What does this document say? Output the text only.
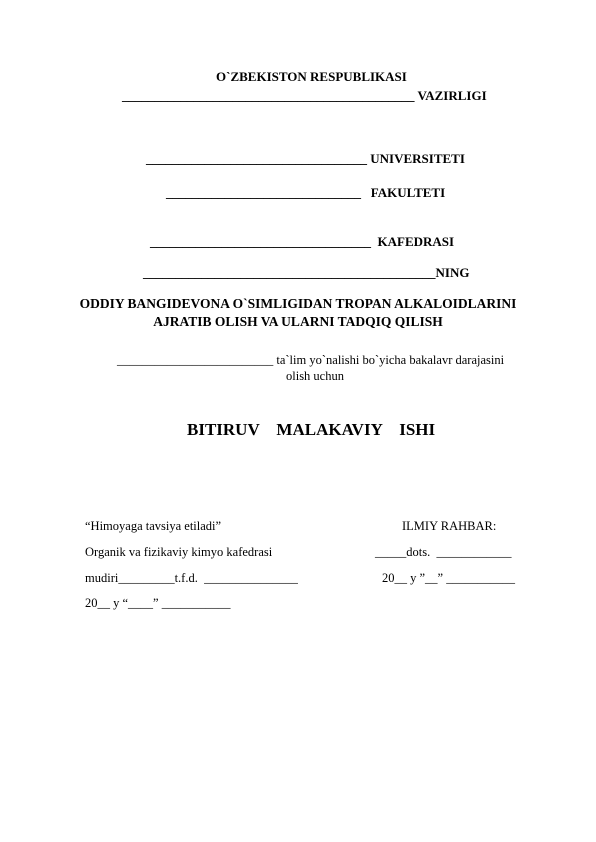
O`ZBEKISTON RESPUBLIKASI
_____________________________________________ VAZIRLIGI
__________________________________ UNIVERSITETI
______________________________   FAKULTETI
__________________________________  KAFEDRASI
_____________________________________________NING
ODDIY BANGIDEVONA O`SIMLIGIDAN TROPAN ALKALOIDLARINI
AJRATIB OLISH VA ULARNI TADQIQ QILISH
_________________________ ta`lim yo`nalishi bo`yicha bakalavr darajasini
olish uchun
BITIRUV    MALAKAVIY    ISHI
“Himoyaga tavsiya etiladi”
Organik va fizikaviy kimyo kafedrasi
mudiri_________t.f.d.  _______________
20__ y “____” ___________
ILMIY RAHBAR:
_____dots.  ____________
20__ y ”__” ___________
